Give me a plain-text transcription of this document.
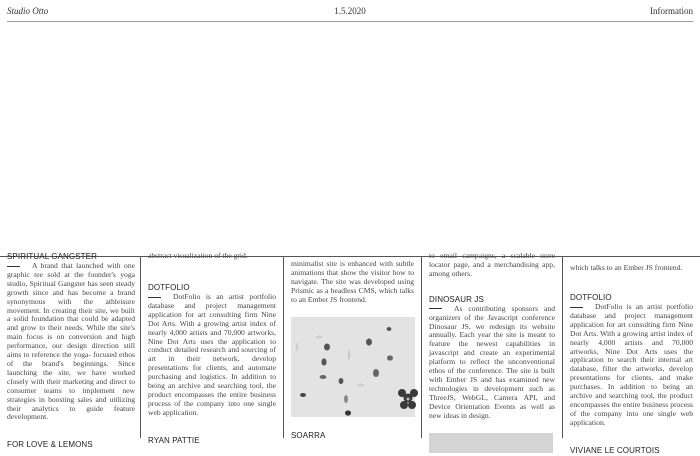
Studio Otto	1.5.2020	Information
SPIRITUAL GANGSTER
A brand that launched with one graphic tee sold at the founder's yoga studio, Spiritual Gangster has seen steady growth since and has become a brand synonymous with the athleisure movement. In creating their site, we built a solid foundation that could be adapted and grow to their needs. While the site's main focus is on conversion and high performance, our design direction still aims to reference the yoga- focused ethos of the brand's beginnings. Since launching the site, we have worked closely with their marketing and direct to consumer teams to implement new strategies in boosting sales and utilizing their analytics to guide feature development.
FOR LOVE & LEMONS
abstract visualization of the grid.
DOTFOLIO
DotFolio is an artist portfolio database and project management application for art consulting firm Nine Dot Arts. With a growing artist index of nearly 4,000 artists and 70,000 artworks, Nine Dot Arts uses the application to conduct detailed research and sourcing of art in their network, develop presentations for clients, and automate purchasing and logistics. In addition to being an archive and searching tool, the product encompasses the entire business process of the company into one single web application.
RYAN PATTIE
minimalist site is enhanced with subtle animations that show the visitor how to navigate. The site was developed using Prismic as a headless CMS, which talks to an Ember JS frontend.
SOARRA
to email campaigns, a scalable store locator page, and a merchandising app, among others.
DINOSAUR JS
As contributing sponsors and organizers of the Javascript conference Dinosaur JS, we redesign its website annually. Each year the site is meant to feature the newest capabilities in javascript and create an experimental platform to reflect the unconventional ethos of the conference. The site is built with Ember JS and has examined new technologies in development such as ThreeJS, WebGL, Camera API, and Device Orientation Events as well as new ideas in design.
which talks to an Ember JS frontend.
DOTFOLIO
DotFolio is an artist portfolio database and project management application for art consulting firm Nine Dot Arts. With a growing artist index of nearly 4,000 artists and 70,000 artworks, Nine Dot Arts uses the application to search their internal art database, filter the artworks, develop presentations for clients, and make purchases. In addition to being an archive and searching tool, the product encompasses the entire business process of the company into one single web application.
VIVIANE LE COURTOIS
